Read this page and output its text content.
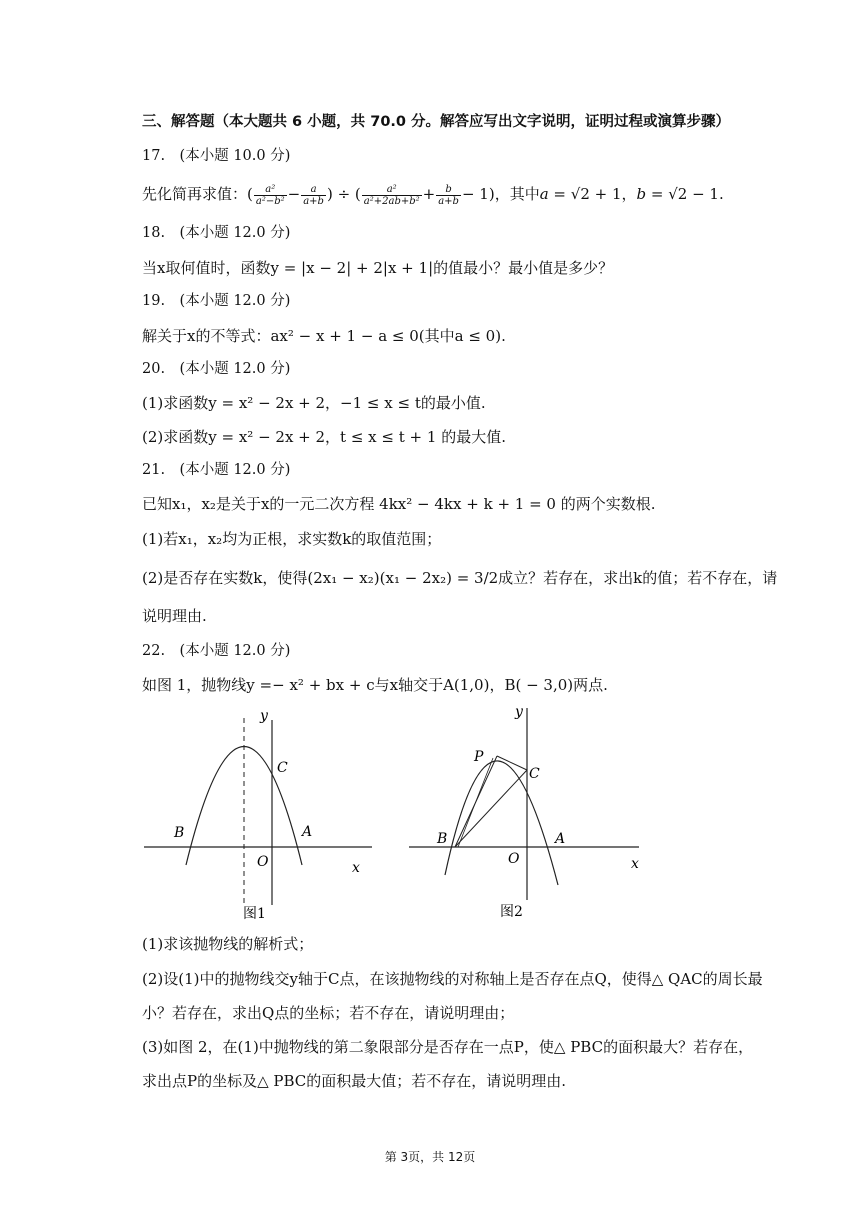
三、解答题（本大题共 6 小题，共 70.0 分。解答应写出文字说明，证明过程或演算步骤）
17.　(本小题 10.0 分)
先化简再求值：( $\frac{\text{a²}}{\text{a²−b²}} - \frac{a}{a+b}$ ) ÷ ( $\frac{\text{a²}}{\text{a²+2ab+b²}} + \frac{b}{a+b} - 1$)，其中a = √2 + 1，b = √2 − 1.
18.　(本小题 12.0 分)
当x取何值时，函数y = |x − 2| + 2|x + 1|的值最小？最小值是多少？
19.　(本小题 12.0 分)
解关于x的不等式：ax² − x + 1 − a ≤ 0(其中a ≤ 0).
20.　(本小题 12.0 分)
(1)求函数y = x² − 2x + 2，−1 ≤ x ≤ t的最小值.
(2)求函数y = x² − 2x + 2，t ≤ x ≤ t + 1 的最大值.
21.　(本小题 12.0 分)
已知x₁，x₂是关于x的一元二次方程 4kx² − 4kx + k + 1 = 0 的两个实数根.
(1)若x₁，x₂均为正根，求实数k的取值范围；
(2)是否存在实数k，使得(2x₁ − x₂)(x₁ − 2x₂) = 3/2成立？若存在，求出k的值；若不存在，请
说明理由.
22.　(本小题 12.0 分)
如图 1，抛物线y =− x² + bx + c与x轴交于A(1,0)，B( − 3,0)两点.
y
x
O
A
B
C
图1
y
x
O
A
B
C
P
图2
(1)求该抛物线的解析式；
(2)设(1)中的抛物线交y轴于C点，在该抛物线的对称轴上是否存在点Q，使得△ QAC的周长最
小？若存在，求出Q点的坐标；若不存在，请说明理由；
(3)如图 2，在(1)中抛物线的第二象限部分是否存在一点P，使△ PBC的面积最大？若存在，
求出点P的坐标及△ PBC的面积最大值；若不存在，请说明理由.
第 3页，共 12页
